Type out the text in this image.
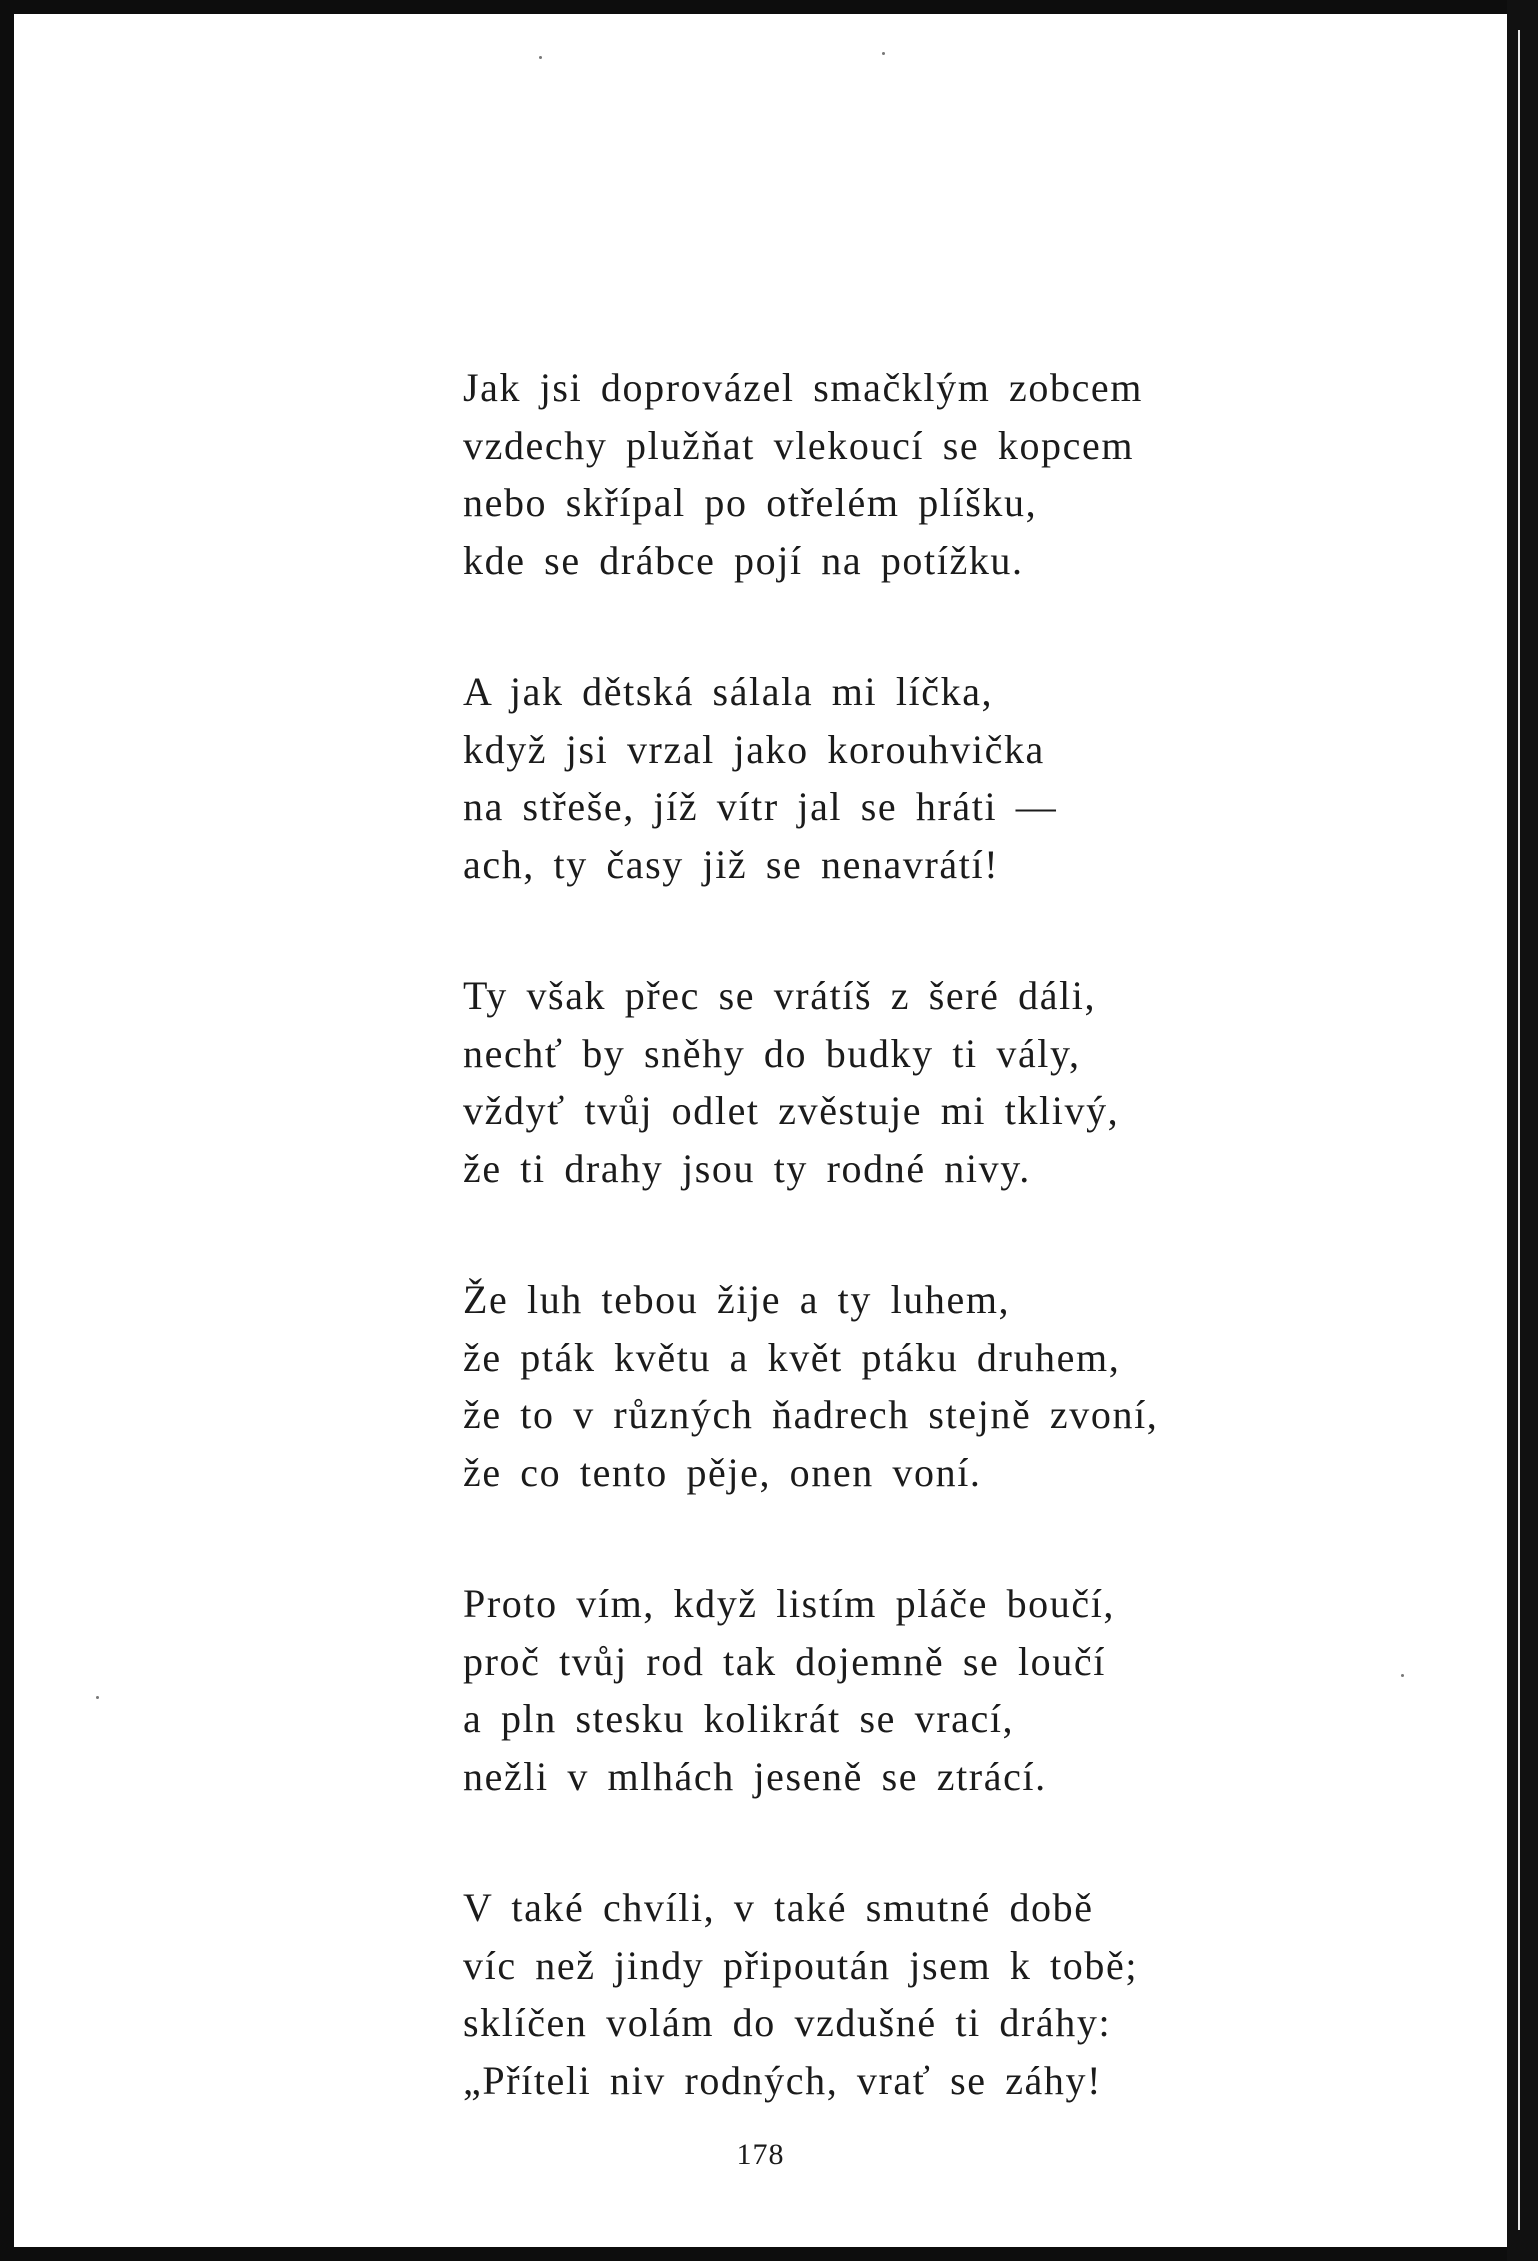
Jak jsi doprovázel smačklým zobcem
vzdechy plužňat vlekoucí se kopcem
nebo skřípal po otřelém plíšku,
kde se drábce pojí na potížku.
A jak dětská sálala mi líčka,
když jsi vrzal jako korouhvička
na střeše, jíž vítr jal se hráti —
ach, ty časy již se nenavrátí!
Ty však přec se vrátíš z šeré dáli,
nechť by sněhy do budky ti vály,
vždyť tvůj odlet zvěstuje mi tklivý,
že ti drahy jsou ty rodné nivy.
Že luh tebou žije a ty luhem,
že pták květu a květ ptáku druhem,
že to v různých ňadrech stejně zvoní,
že co tento pěje, onen voní.
Proto vím, když listím pláče boučí,
proč tvůj rod tak dojemně se loučí
a pln stesku kolikrát se vrací,
nežli v mlhách jeseně se ztrácí.
V také chvíli, v také smutné době
víc než jindy připoután jsem k tobě;
sklíčen volám do vzdušné ti dráhy:
„Příteli niv rodných, vrať se záhy!
178
